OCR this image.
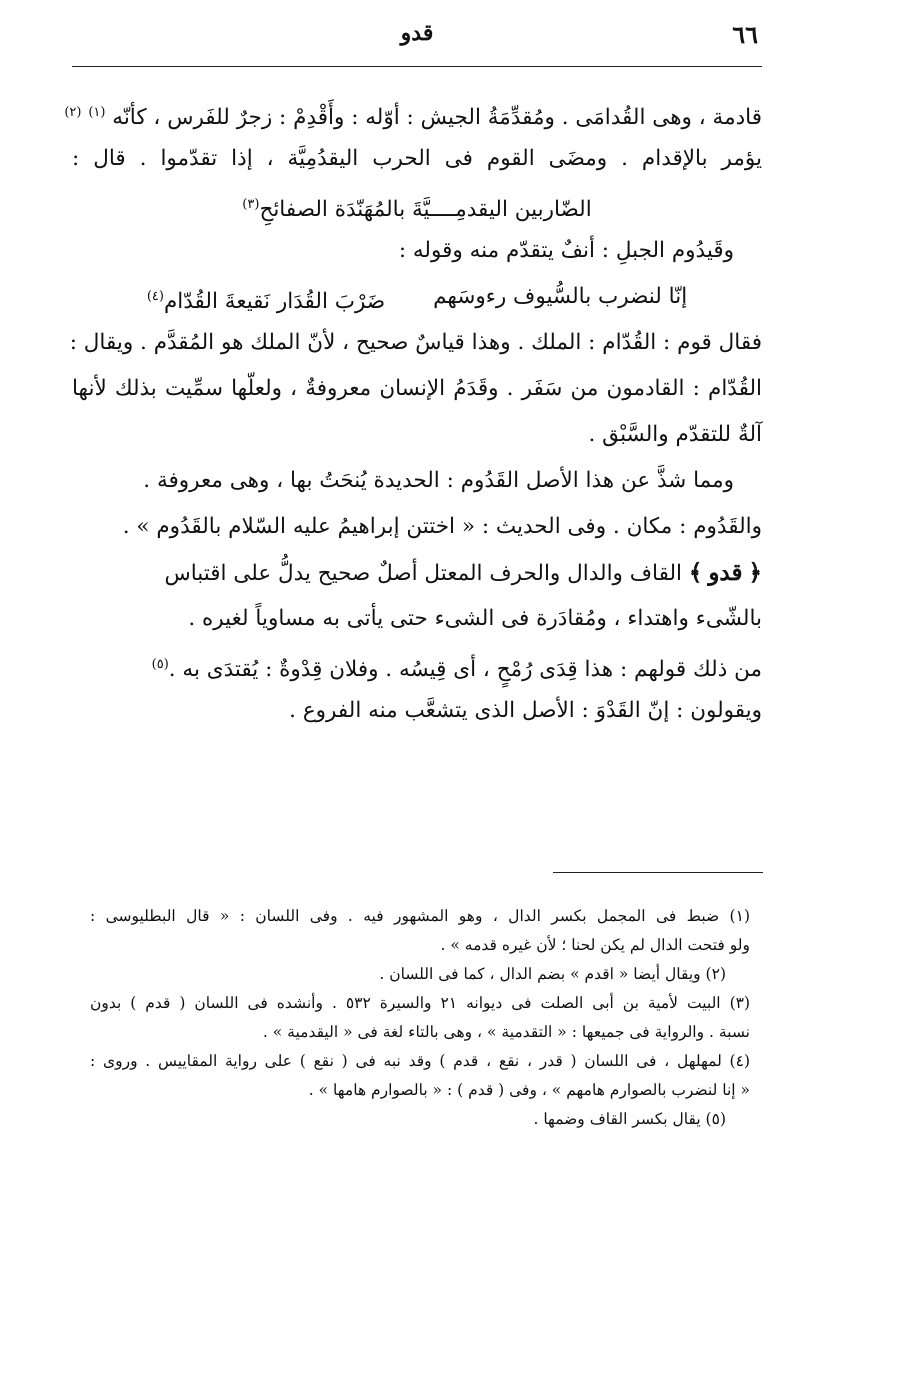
٦٦
قدو
قادمة ، وهى القُدامَى . ومُقدِّمَةُ الجيش : أوّله : وأَقْدِمْ : زجرٌ للفَرس ، كأنّه $^{(١)}$ $^{(٢)}$
يؤمر بالإقدام . ومضَى القوم فى الحرب اليقدُمِيَّة ، إذا تقدّموا . قال :
الضّاربين اليقدمِــــيَّةَ بالمُهَنّدَة الصفائحِ$^{(٣)}$
وقَيدُوم الجبلِ : أنفٌ يتقدّم منه وقوله :
إنّا لنضرب بالسُّيوف رءوسَهم
ضَرْبَ القُدَار نَقيعةَ القُدّام$^{(٤)}$
فقال قوم : القُدّام : الملك . وهذا قياسٌ صحيح ، لأنّ الملك هو المُقدَّم . ويقال :
القُدّام : القادمون من سَفَر . وقَدَمُ الإنسان معروفةٌ ، ولعلّها سمِّيت بذلك لأنها
آلةٌ للتقدّم والسَّبْق .
ومما شذَّ عن هذا الأصل القَدُوم : الحديدة يُنحَتُ بها ، وهى معروفة .
والقَدُوم : مكان . وفى الحديث : « اختتن إبراهيمُ عليه السّلام بالقَدُوم » .
﴿ قدو ﴾ القاف والدال والحرف المعتل أصلٌ صحيح يدلُّ على اقتباس
بالشّىء واهتداء ، ومُقادَرة فى الشىء حتى يأتى به مساوياً لغيره .
من ذلك قولهم : هذا قِدَى رُمْحٍ ، أى قِيسُه . وفلان قِدْوةٌ : يُقتدَى به .$^{(٥)}$
ويقولون : إنّ القَدْوَ : الأصل الذى يتشعَّب منه الفروع .
(١) ضبط فى المجمل بكسر الدال ، وهو المشهور فيه . وفى اللسان : « قال البطليوسى :
ولو فتحت الدال لم يكن لحنا ؛ لأن غيره قدمه » .
(٢) ويقال أيضا « اقدم » بضم الدال ، كما فى اللسان .
(٣) البيت لأمية بن أبى الصلت فى ديوانه ٢١ والسيرة ٥٣٢ . وأنشده فى اللسان ( قدم ) بدون
نسبة . والرواية فى جميعها : « التقدمية » ، وهى بالتاء لغة فى « اليقدمية » .
(٤) لمهلهل ، فى اللسان ( قدر ، نقع ، قدم ) وقد نبه فى ( نقع ) على رواية المقاييس . وروى :
« إنا لنضرب بالصوارم هامهم » ، وفى ( قدم ) : « بالصوارم هامها » .
(٥) يقال بكسر القاف وضمها .
